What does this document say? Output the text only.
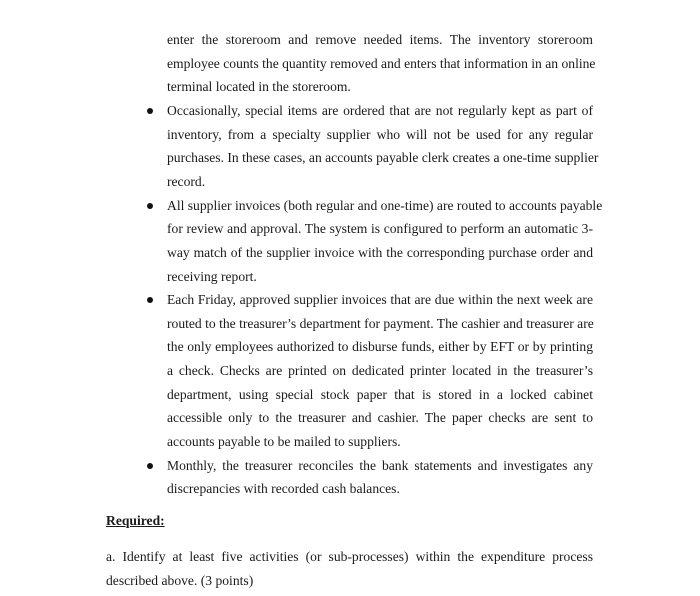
enter the storeroom and remove needed items. The inventory storeroom
employee counts the quantity removed and enters that information in an online
terminal located in the storeroom.
Occasionally, special items are ordered that are not regularly kept as part of
inventory, from a specialty supplier who will not be used for any regular
purchases. In these cases, an accounts payable clerk creates a one-time supplier
record.
All supplier invoices (both regular and one-time) are routed to accounts payable
for review and approval. The system is configured to perform an automatic 3-
way match of the supplier invoice with the corresponding purchase order and
receiving report.
Each Friday, approved supplier invoices that are due within the next week are
routed to the treasurer’s department for payment. The cashier and treasurer are
the only employees authorized to disburse funds, either by EFT or by printing
a check. Checks are printed on dedicated printer located in the treasurer’s
department, using special stock paper that is stored in a locked cabinet
accessible only to the treasurer and cashier. The paper checks are sent to
accounts payable to be mailed to suppliers.
Monthly, the treasurer reconciles the bank statements and investigates any
discrepancies with recorded cash balances.
a. Identify at least five activities (or sub-processes) within the expenditure process
described above. (3 points)
Required:
